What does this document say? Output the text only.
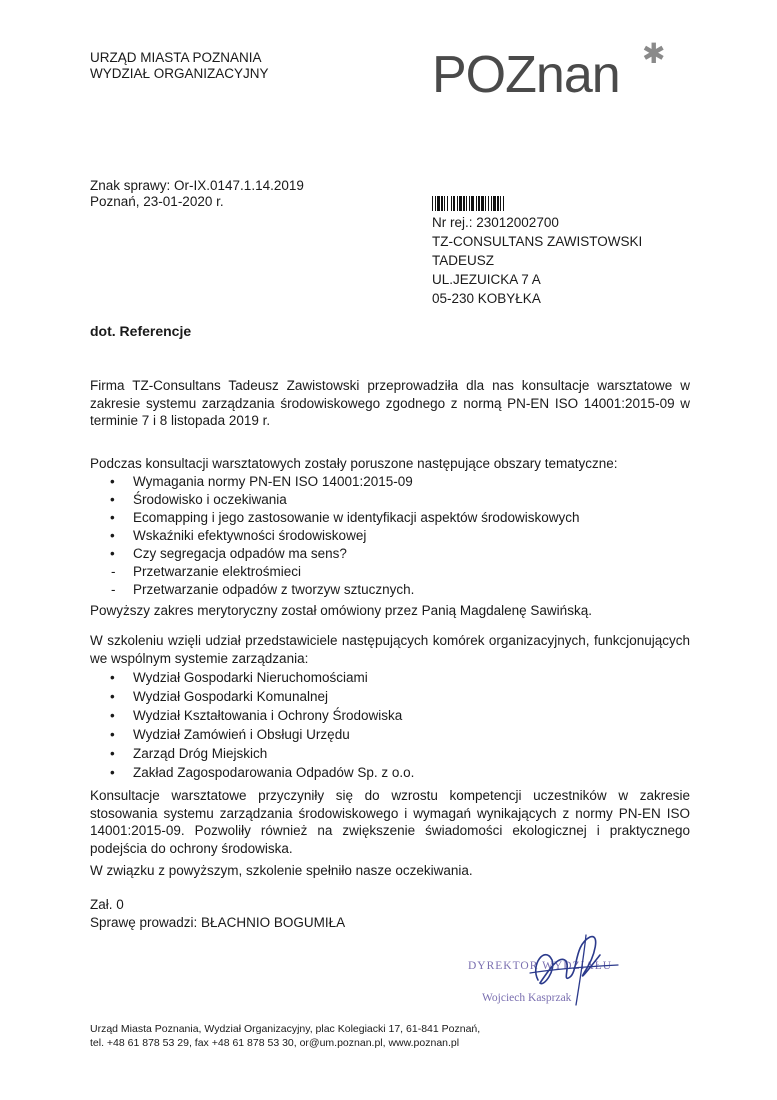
URZĄD MIASTA POZNANIA
WYDZIAŁ ORGANIZACYJNY	POZnan ✱
Znak sprawy: Or-IX.0147.1.14.2019
Poznań, 23-01-2020 r.
Nr rej.: 23012002700
TZ-CONSULTANS ZAWISTOWSKI
TADEUSZ
UL.JEZUICKA 7 A
05-230 KOBYŁKA
dot. Referencje
Firma TZ-Consultans Tadeusz Zawistowski przeprowadziła dla nas konsultacje warsztatowe w zakresie systemu zarządzania środowiskowego zgodnego z normą PN-EN ISO 14001:2015-09 w terminie 7 i 8 listopada 2019 r.
Podczas konsultacji warsztatowych zostały poruszone następujące obszary tematyczne:
• Wymagania normy PN-EN ISO 14001:2015-09
• Środowisko i oczekiwania
• Ecomapping i jego zastosowanie w identyfikacji aspektów środowiskowych
• Wskaźniki efektywności środowiskowej
• Czy segregacja odpadów ma sens?
- Przetwarzanie elektrośmieci
- Przetwarzanie odpadów z tworzyw sztucznych.
Powyższy zakres merytoryczny został omówiony przez Panią Magdalenę Sawińską.
W szkoleniu wzięli udział przedstawiciele następujących komórek organizacyjnych, funkcjonujących we wspólnym systemie zarządzania:
• Wydział Gospodarki Nieruchomościami
• Wydział Gospodarki Komunalnej
• Wydział Kształtowania i Ochrony Środowiska
• Wydział Zamówień i Obsługi Urzędu
• Zarząd Dróg Miejskich
• Zakład Zagospodarowania Odpadów Sp. z o.o.
Konsultacje warsztatowe przyczyniły się do wzrostu kompetencji uczestników w zakresie stosowania systemu zarządzania środowiskowego i wymagań wynikających z normy PN-EN ISO 14001:2015-09. Pozwoliły również na zwiększenie świadomości ekologicznej i praktycznego podejścia do ochrony środowiska.
W związku z powyższym, szkolenie spełniło nasze oczekiwania.
Zał. 0
Sprawę prowadzi: BŁACHNIO BOGUMIŁA
DYREKTOR WYDZIAŁU
Wojciech Kasprzak
Urząd Miasta Poznania, Wydział Organizacyjny, plac Kolegiacki 17, 61-841 Poznań,
tel. +48 61 878 53 29, fax +48 61 878 53 30, or@um.poznan.pl, www.poznan.pl
